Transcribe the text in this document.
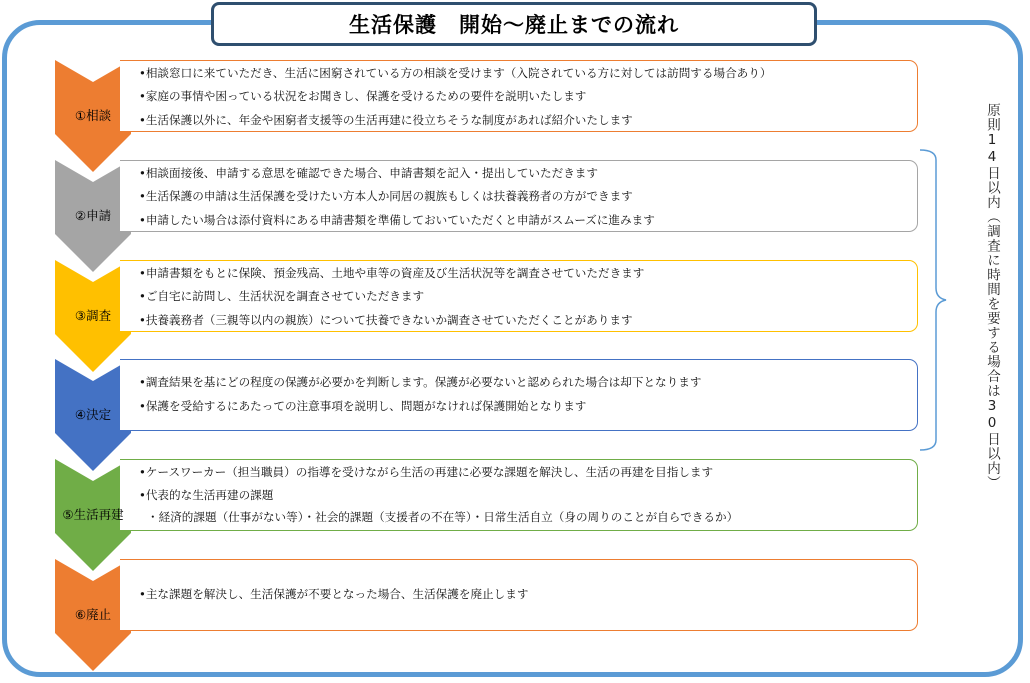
生活保護　開始～廃止までの流れ
•相談窓口に来ていただき、生活に困窮されている方の相談を受けます（入院されている方に対しては訪問する場合あり）
•家庭の事情や困っている状況をお聞きし、保護を受けるための要件を説明いたします
•生活保護以外に、年金や困窮者支援等の生活再建に役立ちそうな制度があれば紹介いたします
①相談
•相談面接後、申請する意思を確認できた場合、申請書類を記入・提出していただきます
•生活保護の申請は生活保護を受けたい方本人か同居の親族もしくは扶養義務者の方ができます
•申請したい場合は添付資料にある申請書類を準備しておいていただくと申請がスムーズに進みます
②申請
•申請書類をもとに保険、預金残高、土地や車等の資産及び生活状況等を調査させていただきます
•ご自宅に訪問し、生活状況を調査させていただきます
•扶養義務者（三親等以内の親族）について扶養できないか調査させていただくことがあります
③調査
•調査結果を基にどの程度の保護が必要かを判断します。保護が必要ないと認められた場合は却下となります
•保護を受給するにあたっての注意事項を説明し、問題がなければ保護開始となります
④決定
•ケースワーカー（担当職員）の指導を受けながら生活の再建に必要な課題を解決し、生活の再建を目指します
•代表的な生活再建の課題
・経済的課題（仕事がない等）・社会的課題（支援者の不在等）・日常生活自立（身の周りのことが自らできるか）
⑤生活再建
•主な課題を解決し、生活保護が不要となった場合、生活保護を廃止します
⑥廃止
原則14日以内（調査に時間を要する場合は30日以内）
